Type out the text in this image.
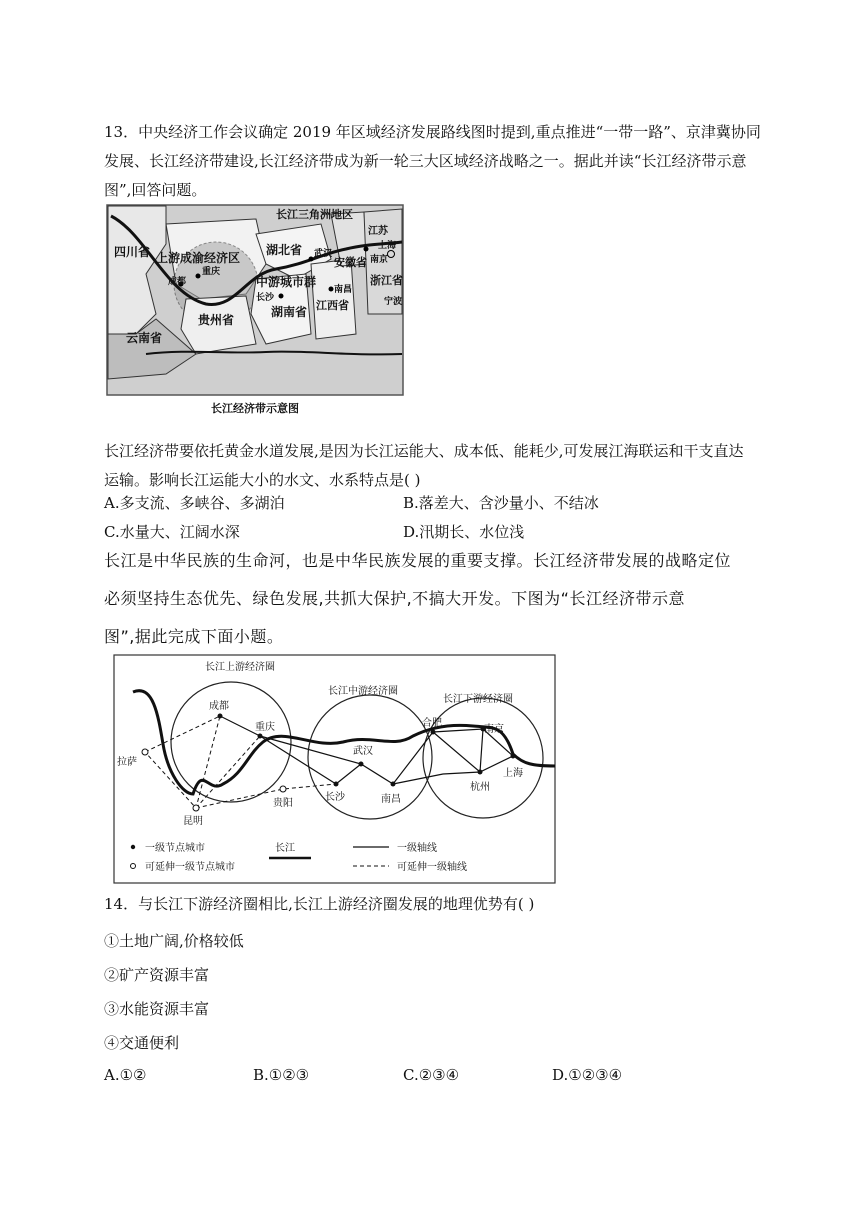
13．中央经济工作会议确定 2019 年区域经济发展路线图时提到,重点推进“一带一路”、京津冀协同
发展、长江经济带建设,长江经济带成为新一轮三大区域经济战略之一。据此并读“长江经济带示意
图”,回答问题。
四川省 上游成渝经济区
重庆
成都
贵州省
云南省
湖北省 武汉
中游城市群
长沙
湖南省
南昌
江西省
安徽省
长江三角洲地区
江苏
南京
浙江省
宁波
上海
长江经济带示意图
长江经济带要依托黄金水道发展,是因为长江运能大、成本低、能耗少,可发展江海联运和干支直达
运输。影响长江运能大小的水文、水系特点是( )
A.多支流、多峡谷、多湖泊	B.落差大、含沙量小、不结冰
C.水量大、江阔水深	D.汛期长、水位浅
长江是中华民族的生命河，也是中华民族发展的重要支撑。长江经济带发展的战略定位
必须坚持生态优先、绿色发展,共抓大保护,不搞大开发。下图为“长江经济带示意
图”,据此完成下面小题。
长江上游经济圈
长江中游经济圈
长江下游经济圈
成都
重庆
拉萨
昆明
贵阳
武汉
长沙	南昌
合肥
南京
上海
杭州
一级节点城市
可延伸一级节点城市
长江	一级轴线
可延伸一级轴线
14．与长江下游经济圈相比,长江上游经济圈发展的地理优势有( )
①土地广阔,价格较低
②矿产资源丰富
③水能资源丰富
④交通便利
A.①②	B.①②③	C.②③④	D.①②③④
